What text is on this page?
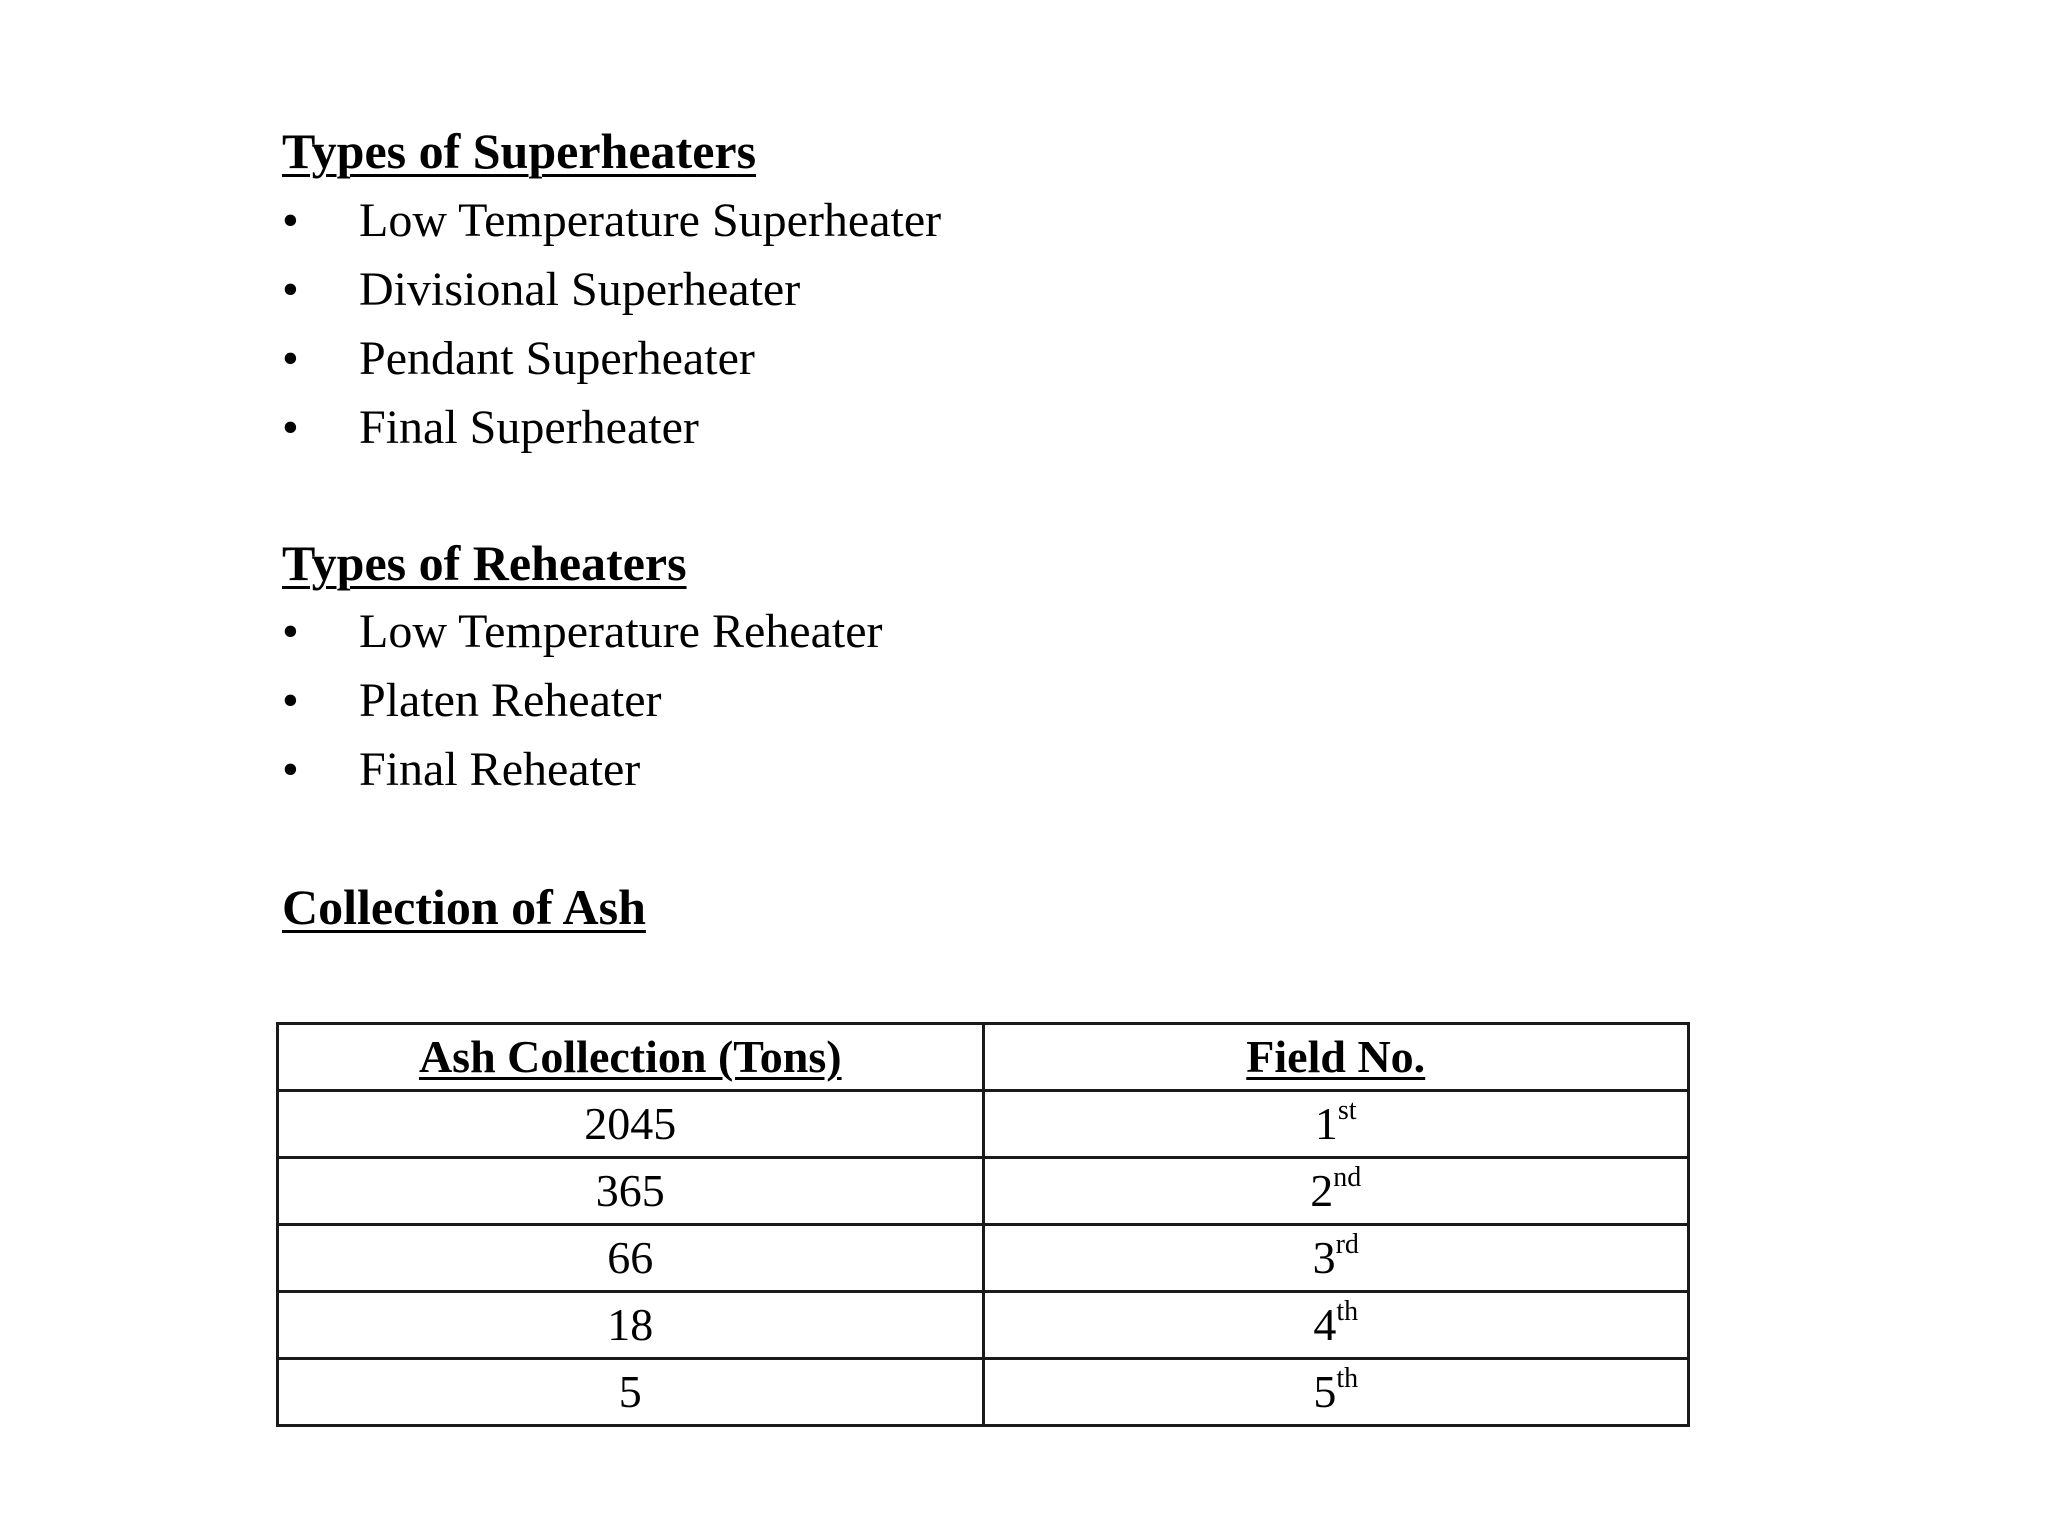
Types of Superheaters
• Low Temperature Superheater
• Divisional Superheater
• Pendant Superheater
• Final Superheater
Types of Reheaters
• Low Temperature Reheater
• Platen Reheater
• Final Reheater
Collection of Ash
Ash Collection (Tons)	Field No.
2045	1st
365	2nd
66	3rd
18	4th
5	5th
